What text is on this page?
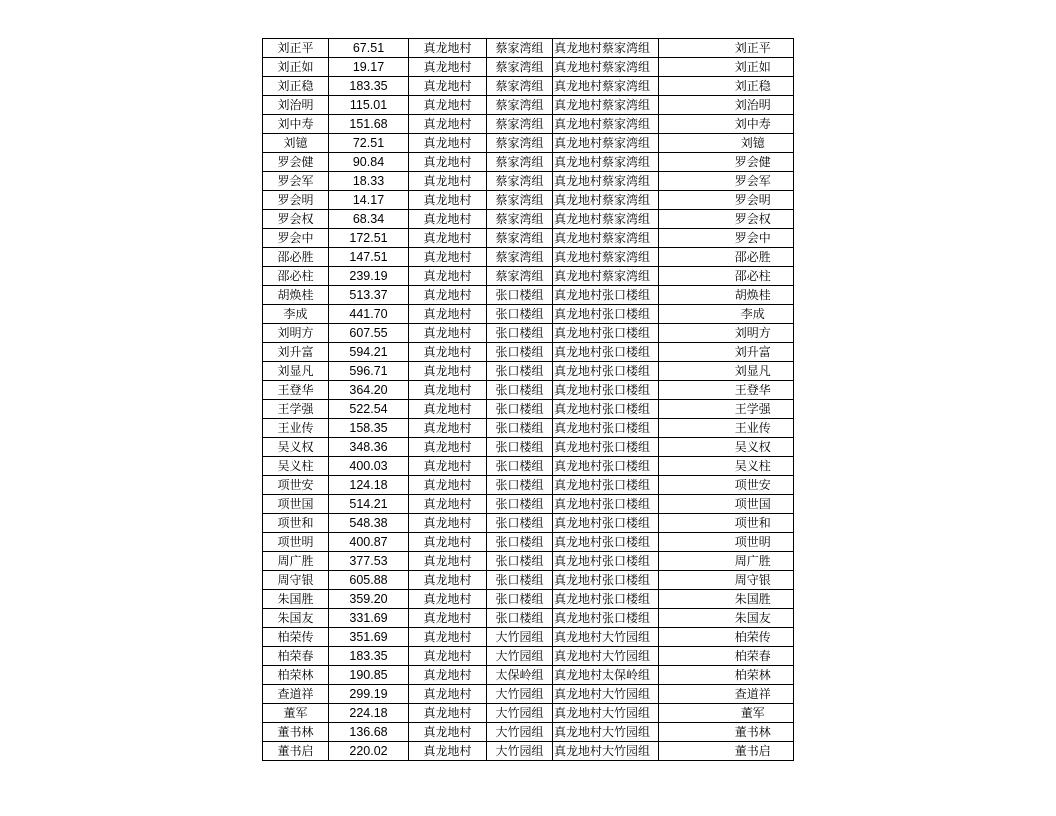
刘正平	67.51	真龙地村	蔡家湾组	真龙地村蔡家湾组		刘正平
刘正如	19.17	真龙地村	蔡家湾组	真龙地村蔡家湾组		刘正如
刘正稳	183.35	真龙地村	蔡家湾组	真龙地村蔡家湾组		刘正稳
刘治明	115.01	真龙地村	蔡家湾组	真龙地村蔡家湾组		刘治明
刘中寿	151.68	真龙地村	蔡家湾组	真龙地村蔡家湾组		刘中寿
刘镱	72.51	真龙地村	蔡家湾组	真龙地村蔡家湾组		刘镱
罗会健	90.84	真龙地村	蔡家湾组	真龙地村蔡家湾组		罗会健
罗会军	18.33	真龙地村	蔡家湾组	真龙地村蔡家湾组		罗会军
罗会明	14.17	真龙地村	蔡家湾组	真龙地村蔡家湾组		罗会明
罗会权	68.34	真龙地村	蔡家湾组	真龙地村蔡家湾组		罗会权
罗会中	172.51	真龙地村	蔡家湾组	真龙地村蔡家湾组		罗会中
邵必胜	147.51	真龙地村	蔡家湾组	真龙地村蔡家湾组		邵必胜
邵必柱	239.19	真龙地村	蔡家湾组	真龙地村蔡家湾组		邵必柱
胡焕桂	513.37	真龙地村	张口楼组	真龙地村张口楼组		胡焕桂
李成	441.70	真龙地村	张口楼组	真龙地村张口楼组		李成
刘明方	607.55	真龙地村	张口楼组	真龙地村张口楼组		刘明方
刘升富	594.21	真龙地村	张口楼组	真龙地村张口楼组		刘升富
刘显凡	596.71	真龙地村	张口楼组	真龙地村张口楼组		刘显凡
王登华	364.20	真龙地村	张口楼组	真龙地村张口楼组		王登华
王学强	522.54	真龙地村	张口楼组	真龙地村张口楼组		王学强
王业传	158.35	真龙地村	张口楼组	真龙地村张口楼组		王业传
吴义权	348.36	真龙地村	张口楼组	真龙地村张口楼组		吴义权
吴义柱	400.03	真龙地村	张口楼组	真龙地村张口楼组		吴义柱
项世安	124.18	真龙地村	张口楼组	真龙地村张口楼组		项世安
项世国	514.21	真龙地村	张口楼组	真龙地村张口楼组		项世国
项世和	548.38	真龙地村	张口楼组	真龙地村张口楼组		项世和
项世明	400.87	真龙地村	张口楼组	真龙地村张口楼组		项世明
周广胜	377.53	真龙地村	张口楼组	真龙地村张口楼组		周广胜
周守银	605.88	真龙地村	张口楼组	真龙地村张口楼组		周守银
朱国胜	359.20	真龙地村	张口楼组	真龙地村张口楼组		朱国胜
朱国友	331.69	真龙地村	张口楼组	真龙地村张口楼组		朱国友
柏荣传	351.69	真龙地村	大竹园组	真龙地村大竹园组		柏荣传
柏荣春	183.35	真龙地村	大竹园组	真龙地村大竹园组		柏荣春
柏荣林	190.85	真龙地村	太保岭组	真龙地村太保岭组		柏荣林
查道祥	299.19	真龙地村	大竹园组	真龙地村大竹园组		查道祥
董军	224.18	真龙地村	大竹园组	真龙地村大竹园组		董军
董书林	136.68	真龙地村	大竹园组	真龙地村大竹园组		董书林
董书启	220.02	真龙地村	大竹园组	真龙地村大竹园组		董书启
